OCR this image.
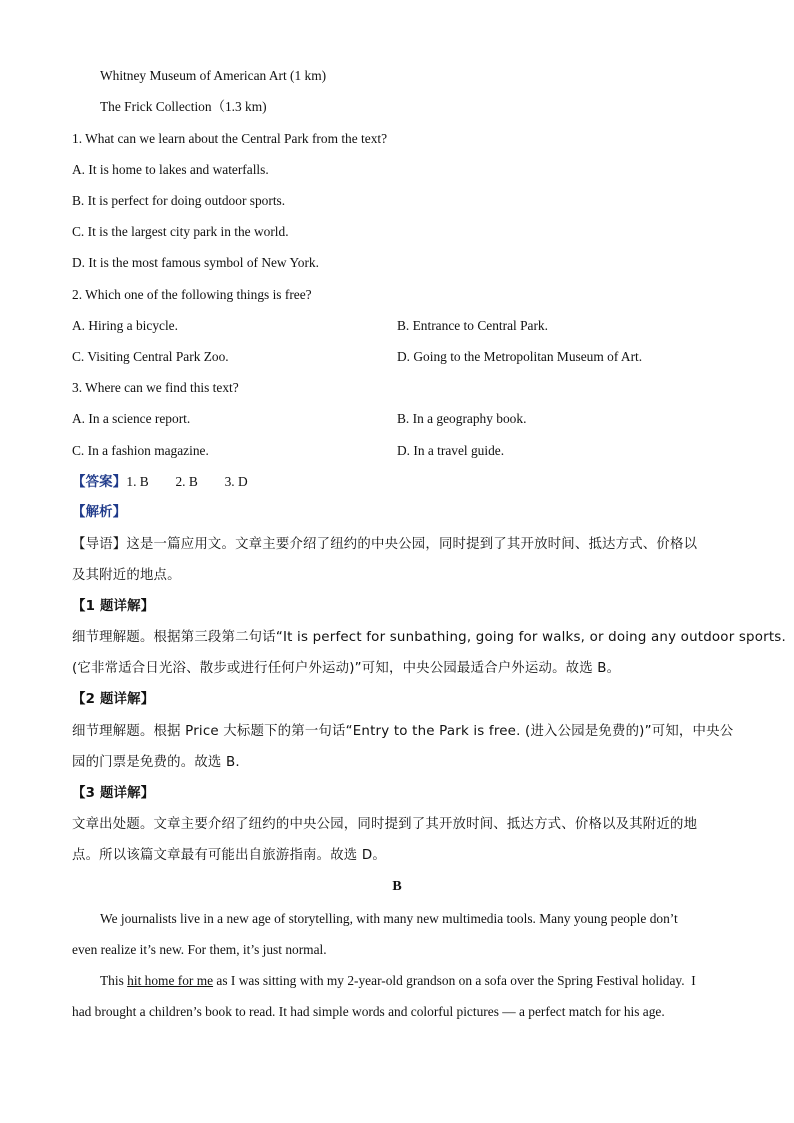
Whitney Museum of American Art (1 km)
The Frick Collection（1.3 km)
1. What can we learn about the Central Park from the text?
A. It is home to lakes and waterfalls.
B. It is perfect for doing outdoor sports.
C. It is the largest city park in the world.
D. It is the most famous symbol of New York.
2. Which one of the following things is free?
A. Hiring a bicycle.	B. Entrance to Central Park.
C. Visiting Central Park Zoo.	D. Going to the Metropolitan Museum of Art.
3. Where can we find this text?
A. In a science report.	B. In a geography book.
C. In a fashion magazine.	D. In a travel guide.
【答案】1. B        2. B        3. D
【解析】
【导语】这是一篇应用文。文章主要介绍了纽约的中央公园，同时提到了其开放时间、抵达方式、价格以
及其附近的地点。
【1 题详解】
细节理解题。根据第三段第二句话“It is perfect for sunbathing, going for walks, or doing any outdoor sports.
(它非常适合日光浴、散步或进行任何户外运动)”可知，中央公园最适合户外运动。故选 B。
【2 题详解】
细节理解题。根据 Price 大标题下的第一句话“Entry to the Park is free. (进入公园是免费的)”可知，中央公
园的门票是免费的。故选 B.
【3 题详解】
文章出处题。文章主要介绍了纽约的中央公园，同时提到了其开放时间、抵达方式、价格以及其附近的地
点。所以该篇文章最有可能出自旅游指南。故选 D。
B
We journalists live in a new age of storytelling, with many new multimedia tools. Many young people don’t
even realize it’s new. For them, it’s just normal.
This hit home for me as I was sitting with my 2-year-old grandson on a sofa over the Spring Festival holiday.  I
had brought a children’s book to read. It had simple words and colorful pictures — a perfect match for his age.
